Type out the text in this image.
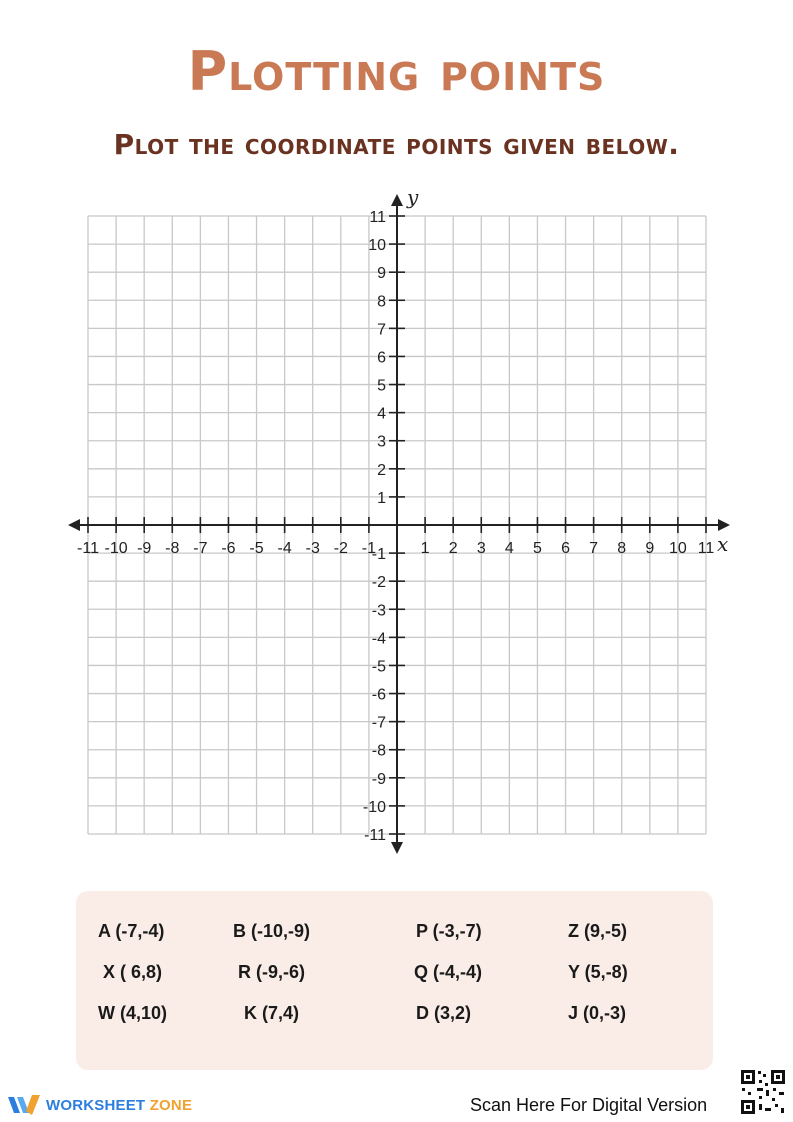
Plotting points
Plot the coordinate points given below.
x
y
-11 -10 -9 -8 -7 -6 -5 -4 -3 -2 -1	1 2 3 4 5 6 7 8 9 10 11
11
10
9
8
7
6
5
4
3
2
1
-1
-2
-3
-4
-5
-6
-7
-8
-9
-10
-11
A (-7,-4)	B (-10,-9)	P (-3,-7)	Z (9,-5)
X ( 6,8)	R (-9,-6)	Q (-4,-4)	Y (5,-8)
W (4,10)	K (7,4)	D (3,2)	J (0,-3)
WORKSHEET ZONE	Scan Here For Digital Version
